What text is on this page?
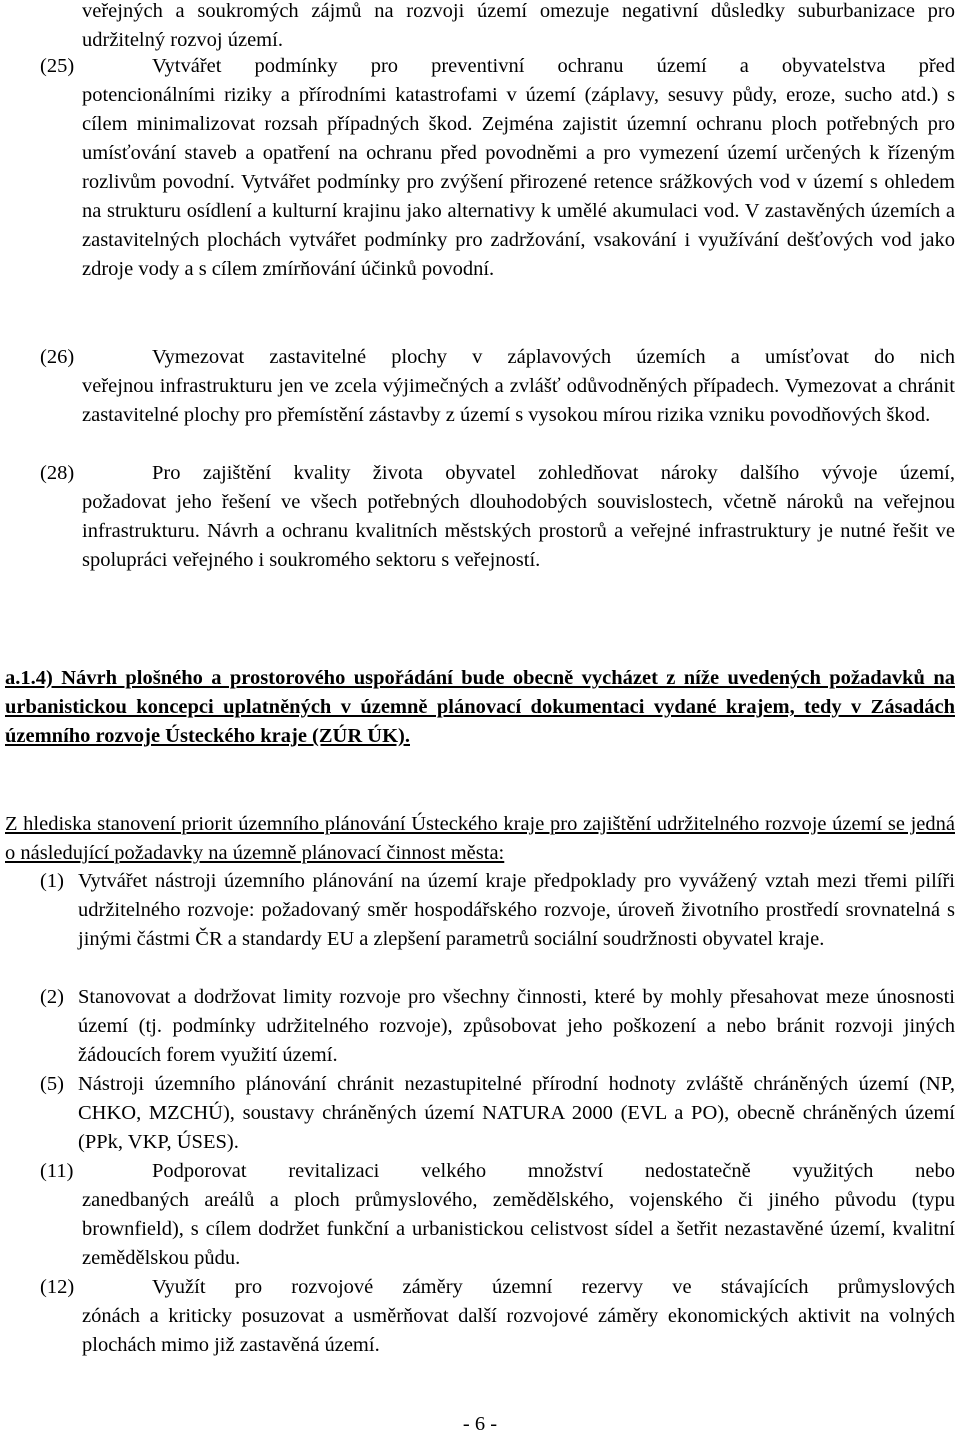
veřejných a soukromých zájmů na rozvoji území omezuje negativní důsledky suburbanizace pro udržitelný rozvoj území.
(25)	Vytvářet podmínky pro preventivní ochranu území a obyvatelstva před
potencionálními riziky a přírodními katastrofami v území (záplavy, sesuvy půdy, eroze, sucho atd.) s cílem minimalizovat rozsah případných škod. Zejména zajistit územní ochranu ploch potřebných pro umísťování staveb a opatření na ochranu před povodněmi a pro vymezení území určených k řízeným rozlivům povodní. Vytvářet podmínky pro zvýšení přirozené retence srážkových vod v území s ohledem na strukturu osídlení a kulturní krajinu jako alternativy k umělé akumulaci vod. V zastavěných územích a zastavitelných plochách vytvářet podmínky pro zadržování, vsakování i využívání dešťových vod jako zdroje vody a s cílem zmírňování účinků povodní.
(26)	Vymezovat zastavitelné plochy v záplavových územích a umísťovat do nich
veřejnou infrastrukturu jen ve zcela výjimečných a zvlášť odůvodněných případech. Vymezovat a chránit zastavitelné plochy pro přemístění zástavby z území s vysokou mírou rizika vzniku povodňových škod.
(28)	Pro zajištění kvality života obyvatel zohledňovat nároky dalšího vývoje území,
požadovat jeho řešení ve všech potřebných dlouhodobých souvislostech, včetně nároků na veřejnou infrastrukturu. Návrh a ochranu kvalitních městských prostorů a veřejné infrastruktury je nutné řešit ve spolupráci veřejného i soukromého sektoru s veřejností.
a.1.4) Návrh plošného a prostorového uspořádání bude obecně vycházet z níže uvedených požadavků na urbanistickou koncepci uplatněných v územně plánovací dokumentaci vydané krajem, tedy v Zásadách územního rozvoje Ústeckého kraje (ZÚR ÚK).
Z hlediska stanovení priorit územního plánování Ústeckého kraje pro zajištění udržitelného rozvoje území se jedná o následující požadavky na územně plánovací činnost města:
(1) Vytvářet nástroji územního plánování na území kraje předpoklady pro vyvážený vztah mezi třemi pilíři udržitelného rozvoje: požadovaný směr hospodářského rozvoje, úroveň životního prostředí srovnatelná s jinými částmi ČR a standardy EU a zlepšení parametrů sociální soudržnosti obyvatel kraje.
(2) Stanovovat a dodržovat limity rozvoje pro všechny činnosti, které by mohly přesahovat meze únosnosti území (tj. podmínky udržitelného rozvoje), způsobovat jeho poškození a nebo bránit rozvoji jiných žádoucích forem využití území.
(5) Nástroji územního plánování chránit nezastupitelné přírodní hodnoty zvláště chráněných území (NP, CHKO, MZCHÚ), soustavy chráněných území NATURA 2000 (EVL a PO), obecně chráněných území (PPk, VKP, ÚSES).
(11)	Podporovat revitalizaci velkého množství nedostatečně využitých nebo
zanedbaných areálů a ploch průmyslového, zemědělského, vojenského či jiného původu (typu brownfield), s cílem dodržet funkční a urbanistickou celistvost sídel a šetřit nezastavěné území, kvalitní zemědělskou půdu.
(12)	Využít pro rozvojové záměry územní rezervy ve stávajících průmyslových
zónách a kriticky posuzovat a usměrňovat další rozvojové záměry ekonomických aktivit na volných plochách mimo již zastavěná území.
- 6 -
